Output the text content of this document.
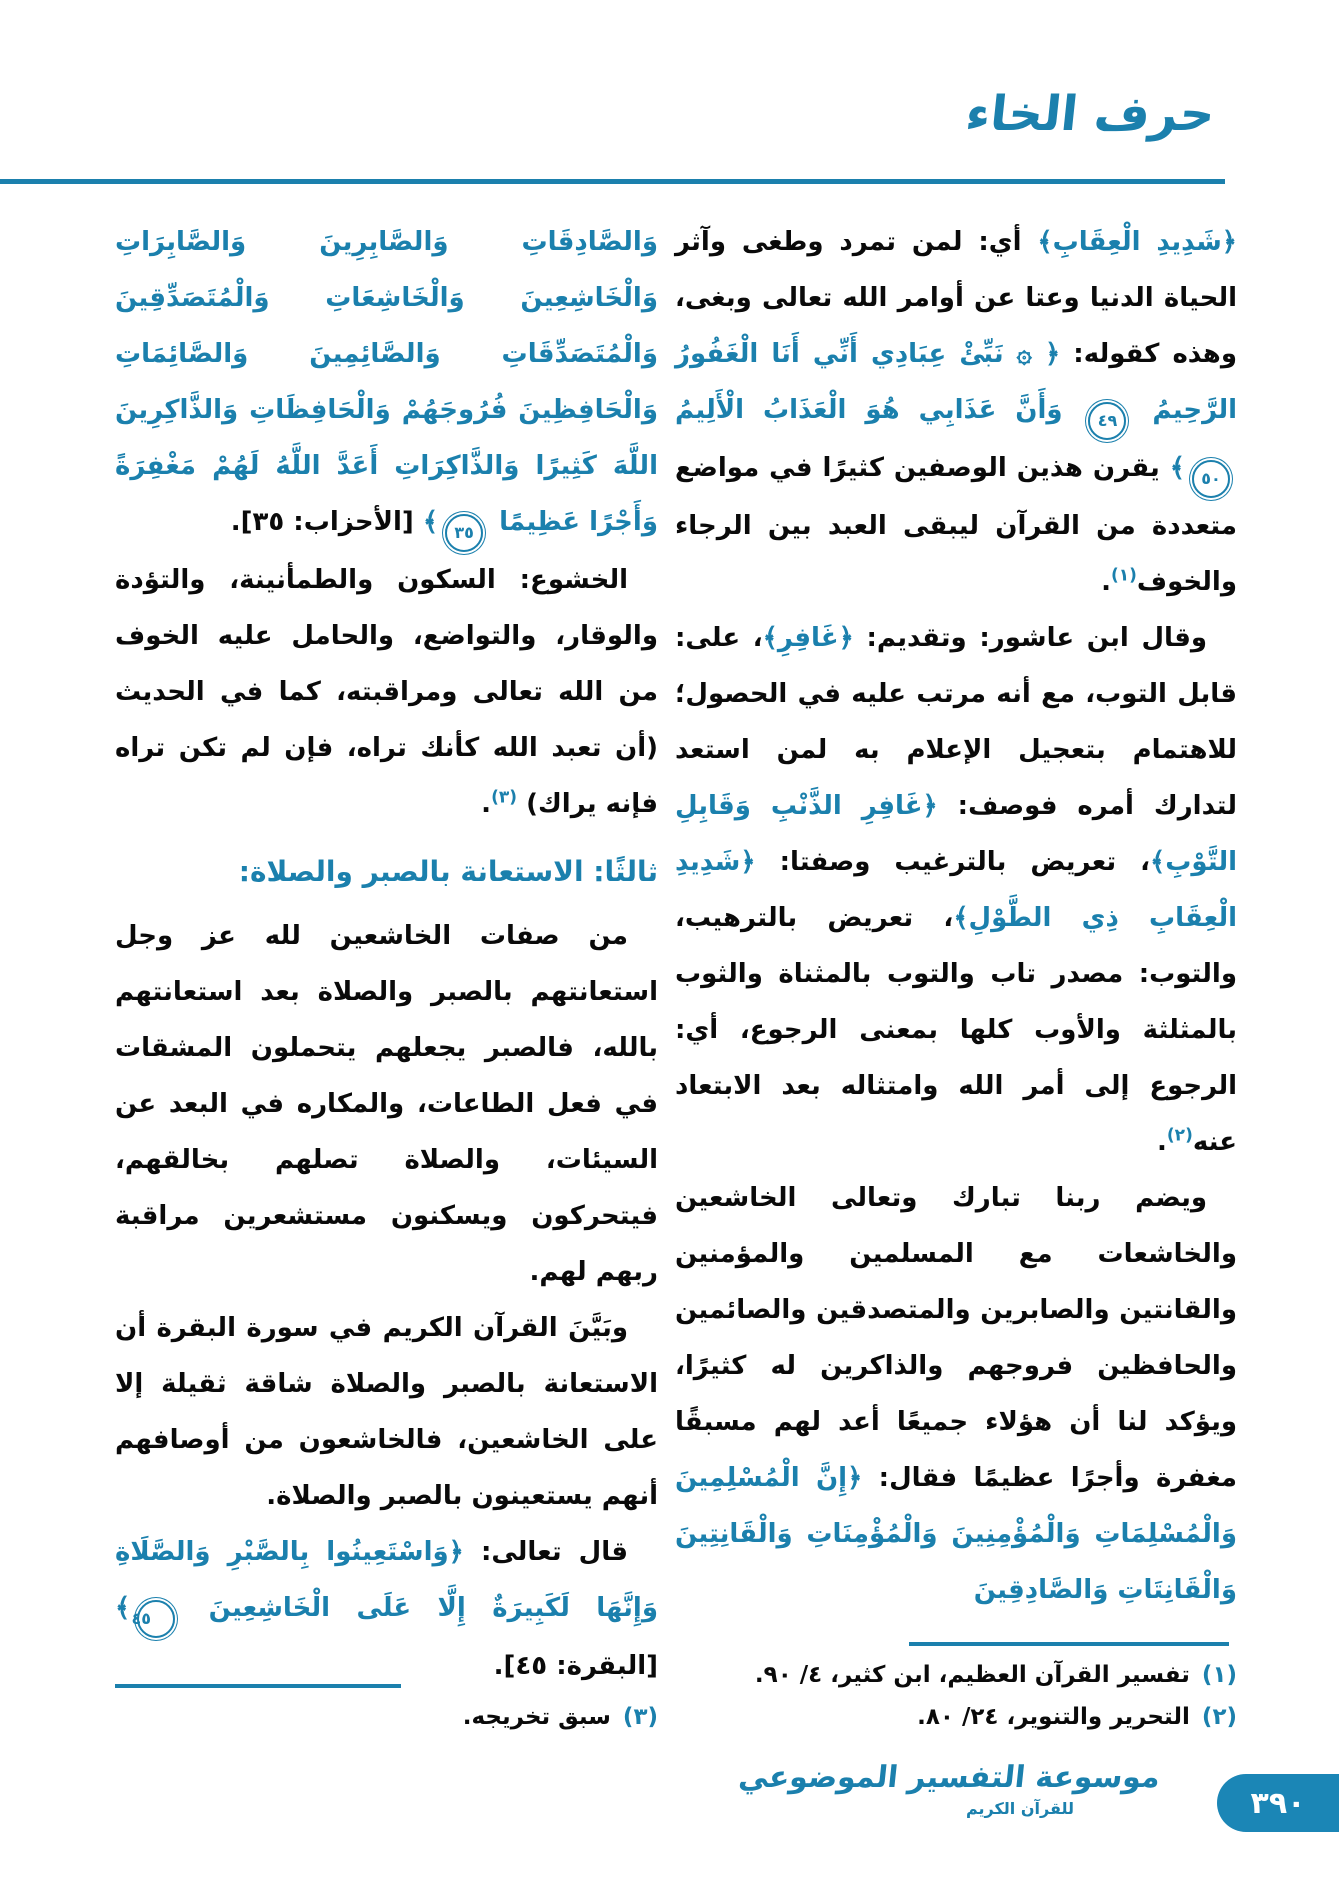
حرف الخاء

﴿شَدِيدِ الْعِقَابِ﴾ أي: لمن تمرد وطغى وآثر الحياة الدنيا وعتا عن أوامر الله تعالى وبغى، وهذه كقوله: ﴿ ۞ نَبِّئْ عِبَادِي أَنِّي أَنَا الْغَفُورُ الرَّحِيمُ ٤٩ وَأَنَّ عَذَابِي هُوَ الْعَذَابُ الْأَلِيمُ ٥٠﴾ يقرن هذين الوصفين كثيرًا في مواضع متعددة من القرآن ليبقى العبد بين الرجاء والخوف$^{(١)}$.

وقال ابن عاشور: وتقديم: ﴿غَافِرِ﴾، على: قابل التوب، مع أنه مرتب عليه في الحصول؛ للاهتمام بتعجيل الإعلام به لمن استعد لتدارك أمره فوصف: ﴿غَافِرِ الذَّنْبِ وَقَابِلِ التَّوْبِ﴾، تعريض بالترغيب وصفتا: ﴿شَدِيدِ الْعِقَابِ ذِي الطَّوْلِ﴾، تعريض بالترهيب، والتوب: مصدر تاب والتوب بالمثناة والثوب بالمثلثة والأوب كلها بمعنى الرجوع، أي: الرجوع إلى أمر الله وامتثاله بعد الابتعاد عنه$^{(٢)}$.

ويضم ربنا تبارك وتعالى الخاشعين والخاشعات مع المسلمين والمؤمنين والقانتين والصابرين والمتصدقين والصائمين والحافظين فروجهم والذاكرين له كثيرًا، ويؤكد لنا أن هؤلاء جميعًا أعد لهم مسبقًا مغفرة وأجرًا عظيمًا فقال: ﴿إِنَّ الْمُسْلِمِينَ وَالْمُسْلِمَاتِ وَالْمُؤْمِنِينَ وَالْمُؤْمِنَاتِ وَالْقَانِتِينَ وَالْقَانِتَاتِ وَالصَّادِقِينَ

وَالصَّادِقَاتِ وَالصَّابِرِينَ وَالصَّابِرَاتِ وَالْخَاشِعِينَ وَالْخَاشِعَاتِ وَالْمُتَصَدِّقِينَ وَالْمُتَصَدِّقَاتِ وَالصَّائِمِينَ وَالصَّائِمَاتِ وَالْحَافِظِينَ فُرُوجَهُمْ وَالْحَافِظَاتِ وَالذَّاكِرِينَ اللَّهَ كَثِيرًا وَالذَّاكِرَاتِ أَعَدَّ اللَّهُ لَهُمْ مَغْفِرَةً وَأَجْرًا عَظِيمًا ٣٥﴾ [الأحزاب: ٣٥].

الخشوع: السكون والطمأنينة، والتؤدة والوقار، والتواضع، والحامل عليه الخوف من الله تعالى ومراقبته، كما في الحديث (أن تعبد الله كأنك تراه، فإن لم تكن تراه فإنه يراك) $^{(٣)}$.

ثالثًا: الاستعانة بالصبر والصلاة:

من صفات الخاشعين لله عز وجل استعانتهم بالصبر والصلاة بعد استعانتهم بالله، فالصبر يجعلهم يتحملون المشقات في فعل الطاعات، والمكاره في البعد عن السيئات، والصلاة تصلهم بخالقهم، فيتحركون ويسكنون مستشعرين مراقبة ربهم لهم.

وبَيَّنَ القرآن الكريم في سورة البقرة أن الاستعانة بالصبر والصلاة شاقة ثقيلة إلا على الخاشعين، فالخاشعون من أوصافهم أنهم يستعينون بالصبر والصلاة.

قال تعالى: ﴿وَاسْتَعِينُوا بِالصَّبْرِ وَالصَّلَاةِ وَإِنَّهَا لَكَبِيرَةٌ إِلَّا عَلَى الْخَاشِعِينَ ٤٥﴾ [البقرة: ٤٥].	(١)تفسير القرآن العظيم، ابن كثير، ٤/ ٩٠.

(٢)التحرير والتنوير، ٢٤/ ٨٠.

(٣)سبق تخريجه.

موسوعة التفسير الموضوعي
للقرآن الكريم	٣٩٠
